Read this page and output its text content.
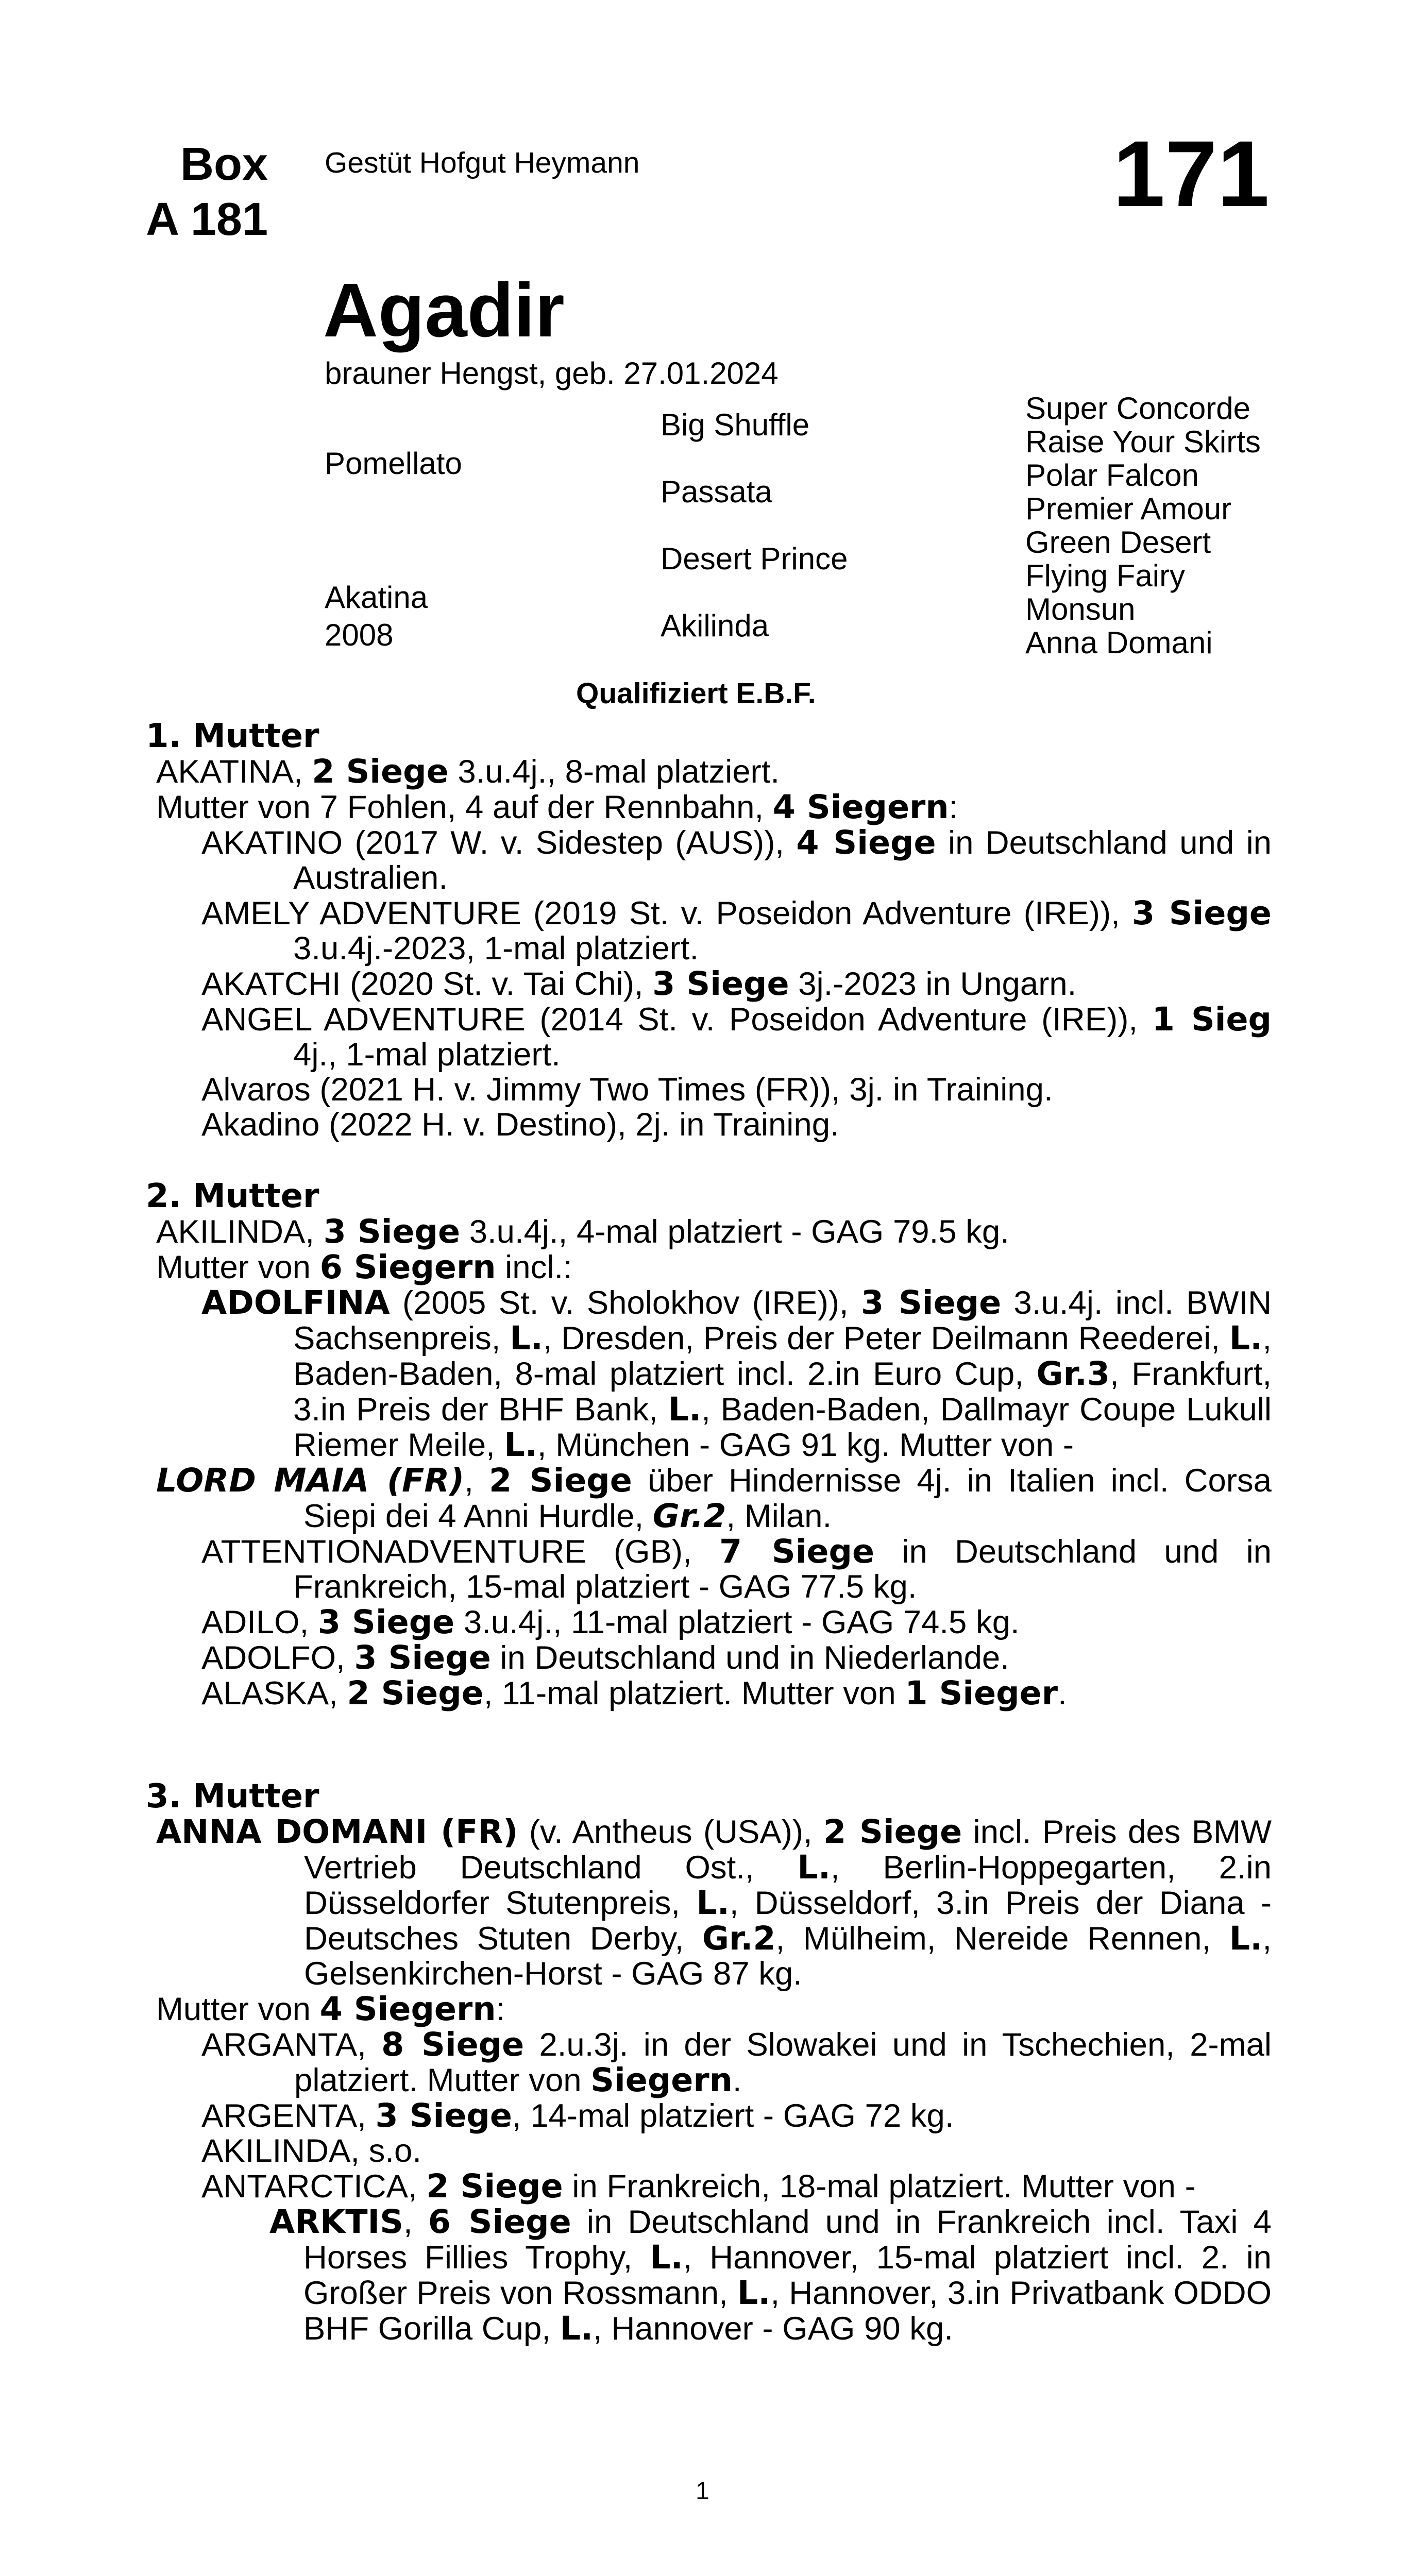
Box
A 181
Gestüt Hofgut Heymann	171
Agadir
brauner Hengst, geb. 27.01.2024
Pomellato
Akatina
2008
Big Shuffle
Passata
Desert Prince
Akilinda
Super Concorde
Raise Your Skirts
Polar Falcon
Premier Amour
Green Desert
Flying Fairy
Monsun
Anna Domani
Qualifiziert E.B.F.
1. Mutter
AKATINA, 2 Siege 3.u.4j., 8-mal platziert.
Mutter von 7 Fohlen, 4 auf der Rennbahn, 4 Siegern:
AKATINO (2017 W. v. Sidestep (AUS)), 4 Siege in Deutschland und in Australien.
AMELY ADVENTURE (2019 St. v. Poseidon Adventure (IRE)), 3 Siege 3.u.4j.-2023, 1-mal platziert.
AKATCHI (2020 St. v. Tai Chi), 3 Siege 3j.-2023 in Ungarn.
ANGEL ADVENTURE (2014 St. v. Poseidon Adventure (IRE)), 1 Sieg 4j., 1-mal platziert.
Alvaros (2021 H. v. Jimmy Two Times (FR)), 3j. in Training.
Akadino (2022 H. v. Destino), 2j. in Training.
2. Mutter
AKILINDA, 3 Siege 3.u.4j., 4-mal platziert - GAG 79.5 kg.
Mutter von 6 Siegern incl.:
ADOLFINA (2005 St. v. Sholokhov (IRE)), 3 Siege 3.u.4j. incl. BWIN Sachsenpreis, L., Dresden, Preis der Peter Deilmann Reederei, L., Baden-Baden, 8-mal platziert incl. 2.in Euro Cup, Gr.3, Frankfurt, 3.in Preis der BHF Bank, L., Baden-Baden, Dallmayr Coupe Lukull Riemer Meile, L., München - GAG 91 kg. Mutter von -
LORD MAIA (FR), 2 Siege über Hindernisse 4j. in Italien incl. Corsa Siepi dei 4 Anni Hurdle, Gr.2, Milan.
ATTENTIONADVENTURE (GB), 7 Siege in Deutschland und in Frankreich, 15-mal platziert - GAG 77.5 kg.
ADILO, 3 Siege 3.u.4j., 11-mal platziert - GAG 74.5 kg.
ADOLFO, 3 Siege in Deutschland und in Niederlande.
ALASKA, 2 Siege, 11-mal platziert. Mutter von 1 Sieger.
3. Mutter
ANNA DOMANI (FR) (v. Antheus (USA)), 2 Siege incl. Preis des BMW Vertrieb Deutschland Ost., L., Berlin-Hoppegarten, 2.in Düsseldorfer Stutenpreis, L., Düsseldorf, 3.in Preis der Diana - Deutsches Stuten Derby, Gr.2, Mülheim, Nereide Rennen, L., Gelsenkirchen-Horst - GAG 87 kg.
Mutter von 4 Siegern:
ARGANTA, 8 Siege 2.u.3j. in der Slowakei und in Tschechien, 2-mal platziert. Mutter von Siegern.
ARGENTA, 3 Siege, 14-mal platziert - GAG 72 kg.
AKILINDA, s.o.
ANTARCTICA, 2 Siege in Frankreich, 18-mal platziert. Mutter von -
ARKTIS, 6 Siege in Deutschland und in Frankreich incl. Taxi 4 Horses Fillies Trophy, L., Hannover, 15-mal platziert incl. 2. in Großer Preis von Rossmann, L., Hannover, 3.in Privatbank ODDO BHF Gorilla Cup, L., Hannover - GAG 90 kg.
1
